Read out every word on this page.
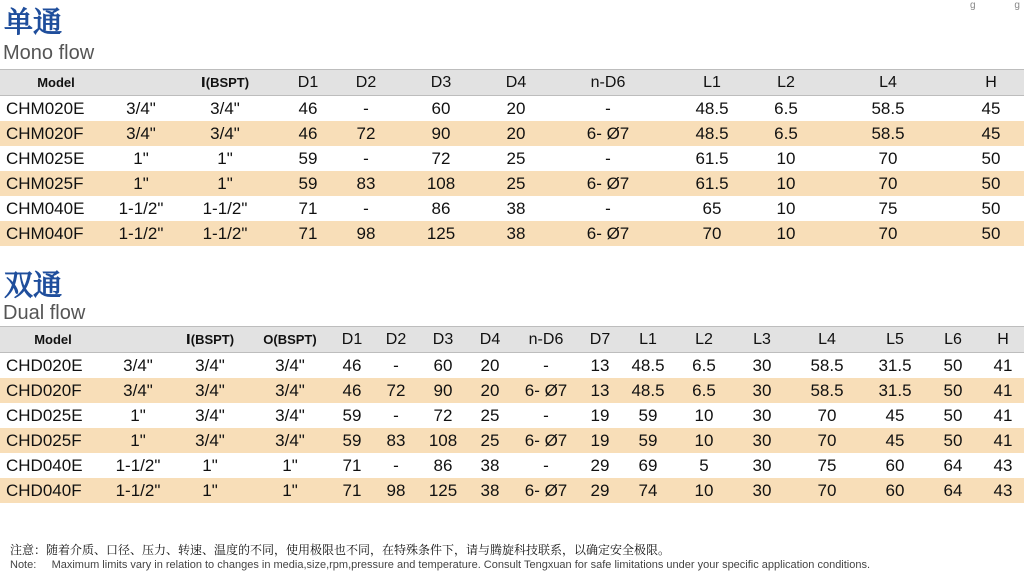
g              g
单通
Mono flow
Model		Ⅰ(BSPT)	D1	D2	D3	D4	n-D6	L1	L2	L4	H
CHM020E	3/4"	3/4"	46	-	60	20	-	48.5	6.5	58.5	45
CHM020F	3/4"	3/4"	46	72	90	20	6- Ø7	48.5	6.5	58.5	45
CHM025E	1"	1"	59	-	72	25	-	61.5	10	70	50
CHM025F	1"	1"	59	83	108	25	6- Ø7	61.5	10	70	50
CHM040E	1-1/2"	1-1/2"	71	-	86	38	-	65	10	75	50
CHM040F	1-1/2"	1-1/2"	71	98	125	38	6- Ø7	70	10	70	50
双通
Dual flow
Model		Ⅰ(BSPT)	O(BSPT)	D1	D2	D3	D4	n-D6	D7	L1	L2	L3	L4	L5	L6	H
CHD020E	3/4"	3/4"	3/4"	46	-	60	20	-	13	48.5	6.5	30	58.5	31.5	50	41
CHD020F	3/4"	3/4"	3/4"	46	72	90	20	6- Ø7	13	48.5	6.5	30	58.5	31.5	50	41
CHD025E	1"	3/4"	3/4"	59	-	72	25	-	19	59	10	30	70	45	50	41
CHD025F	1"	3/4"	3/4"	59	83	108	25	6- Ø7	19	59	10	30	70	45	50	41
CHD040E	1-1/2"	1"	1"	71	-	86	38	-	29	69	5	30	75	60	64	43
CHD040F	1-1/2"	1"	1"	71	98	125	38	6- Ø7	29	74	10	30	70	60	64	43
注意：随着介质、口径、压力、转速、温度的不同，使用极限也不同，在特殊条件下，请与腾旋科技联系，以确定安全极限。
Note: Maximum limits vary in relation to changes in media,size,rpm,pressure and temperature. Consult Tengxuan for safe limitations under your specific application conditions.
